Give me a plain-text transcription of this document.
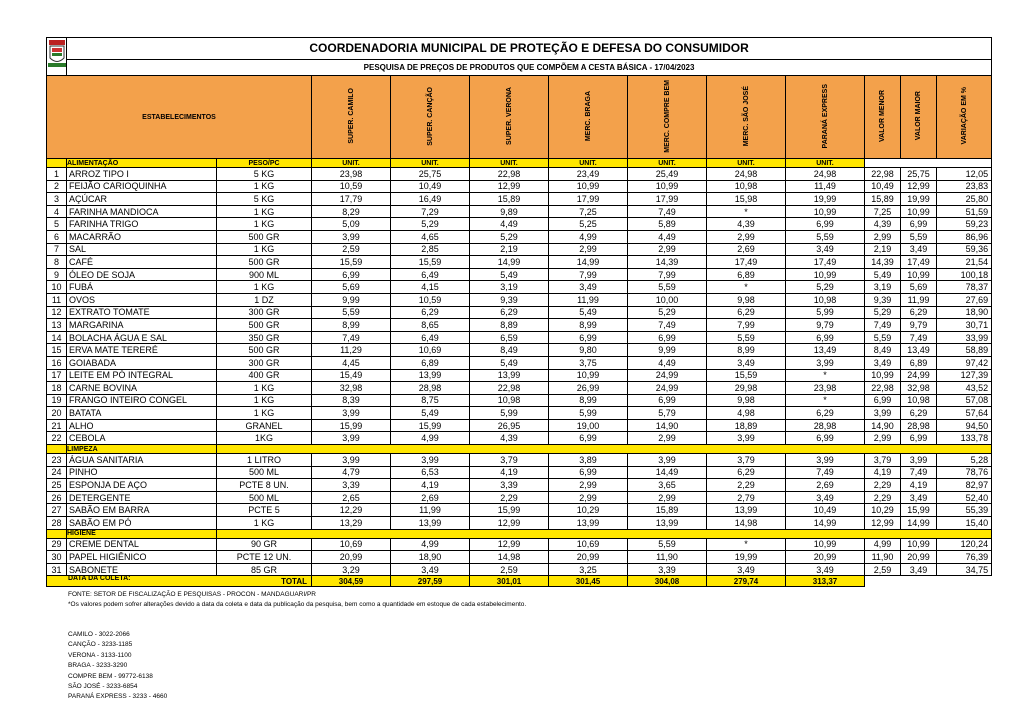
	COORDENADORIA MUNICIPAL DE PROTEÇÃO E DEFESA DO CONSUMIDOR											
	PESQUISA DE PREÇOS DE PRODUTOS QUE COMPÕEM A CESTA BÁSICA - 17/04/2023											
ESTABELECIMENTOS			SUPER. CAMILO	SUPER. CANÇÃO	SUPER. VERONA	MERC. BRAGA	MERC. COMPRE BEM	MERC. SÃO JOSÉ	PARANÁ EXPRESS	VALOR MENOR	VALOR MAIOR	VARIAÇÃO EM %
	ALIMENTAÇÃO	PESO/PC	UNIT.	UNIT.	UNIT.	UNIT.	UNIT.	UNIT.	UNIT.			
1	ARROZ TIPO I	5 KG	23,98	25,75	22,98	23,49	25,49	24,98	24,98	22,98	25,75	12,05
2	FEIJÃO CARIOQUINHA	1 KG	10,59	10,49	12,99	10,99	10,99	10,98	11,49	10,49	12,99	23,83
3	AÇÚCAR	5 KG	17,79	16,49	15,89	17,99	17,99	15,98	19,99	15,89	19,99	25,80
4	FARINHA MANDIOCA	1 KG	8,29	7,29	9,89	7,25	7,49	*	10,99	7,25	10,99	51,59
5	FARINHA TRIGO	1 KG	5,09	5,29	4,49	5,25	5,89	4,39	6,99	4,39	6,99	59,23
6	MACARRÃO	500 GR	3,99	4,65	5,29	4,99	4,49	2,99	5,59	2,99	5,59	86,96
7	SAL	1 KG	2,59	2,85	2,19	2,99	2,99	2,69	3,49	2,19	3,49	59,36
8	CAFÉ	500 GR	15,59	15,59	14,99	14,99	14,39	17,49	17,49	14,39	17,49	21,54
9	ÓLEO DE SOJA	900 ML	6,99	6,49	5,49	7,99	7,99	6,89	10,99	5,49	10,99	100,18
10	FUBÁ	1 KG	5,69	4,15	3,19	3,49	5,59	*	5,29	3,19	5,69	78,37
11	OVOS	1 DZ	9,99	10,59	9,39	11,99	10,00	9,98	10,98	9,39	11,99	27,69
12	EXTRATO TOMATE	300 GR	5,59	6,29	6,29	5,49	5,29	6,29	5,99	5,29	6,29	18,90
13	MARGARINA	500 GR	8,99	8,65	8,89	8,99	7,49	7,99	9,79	7,49	9,79	30,71
14	BOLACHA ÁGUA E SAL	350 GR	7,49	6,49	6,59	6,99	6,99	5,59	6,99	5,59	7,49	33,99
15	ERVA MATE TERERÉ	500 GR	11,29	10,69	8,49	9,80	9,99	8,99	13,49	8,49	13,49	58,89
16	GOIABADA	300 GR	4,45	6,89	5,49	3,75	4,49	3,49	3,99	3,49	6,89	97,42
17	LEITE EM PÓ INTEGRAL	400 GR	15,49	13,99	13,99	10,99	24,99	15,59	*	10,99	24,99	127,39
18	CARNE BOVINA	1 KG	32,98	28,98	22,98	26,99	24,99	29,98	23,98	22,98	32,98	43,52
19	FRANGO INTEIRO CONGEL	1 KG	8,39	8,75	10,98	8,99	6,99	9,98	*	6,99	10,98	57,08
20	BATATA	1 KG	3,99	5,49	5,99	5,99	5,79	4,98	6,29	3,99	6,29	57,64
21	ALHO	GRANEL	15,99	15,99	26,95	19,00	14,90	18,89	28,98	14,90	28,98	94,50
22	CEBOLA	1KG	3,99	4,99	4,39	6,99	2,99	3,99	6,99	2,99	6,99	133,78
	LIMPEZA											
23	ÁGUA SANITARIA	1 LITRO	3,99	3,99	3,79	3,89	3,99	3,79	3,99	3,79	3,99	5,28
24	PINHO	500 ML	4,79	6,53	4,19	6,99	14,49	6,29	7,49	4,19	7,49	78,76
25	ESPONJA DE AÇO	PCTE 8 UN.	3,39	4,19	3,39	2,99	3,65	2,29	2,69	2,29	4,19	82,97
26	DETERGENTE	500 ML	2,65	2,69	2,29	2,99	2,99	2,79	3,49	2,29	3,49	52,40
27	SABÃO EM BARRA	PCTE 5	12,29	11,99	15,99	10,29	15,89	13,99	10,49	10,29	15,99	55,39
28	SABÃO EM PÓ	1 KG	13,29	13,99	12,99	13,99	13,99	14,98	14,99	12,99	14,99	15,40
	HIGIENE											
29	CREME DENTAL	90 GR	10,69	4,99	12,99	10,69	5,59	*	10,99	4,99	10,99	120,24
30	PAPEL HIGIÊNICO	PCTE 12 UN.	20,99	18,90	14,98	20,99	11,90	19,99	20,99	11,90	20,99	76,39
31	SABONETE	85 GR	3,29	3,49	2,59	3,25	3,39	3,49	3,49	2,59	3,49	34,75
TOTAL			304,59	297,59	301,01	301,45	304,08	279,74	313,37			
DATA DA COLETA:
FONTE: SETOR DE FISCALIZAÇÃO E PESQUISAS - PROCON - MANDAGUARI/PR
*Os valores podem sofrer alterações devido a data da coleta e data da publicação da pesquisa, bem como a quantidade em estoque de cada estabelecimento.
CAMILO - 3022-2066
CANÇÃO - 3233-1185
VERONA - 3133-1100
BRAGA - 3233-3290
COMPRE BEM - 99772-6138
SÃO JOSÉ - 3233-6854
PARANÁ EXPRESS - 3233 - 4660
